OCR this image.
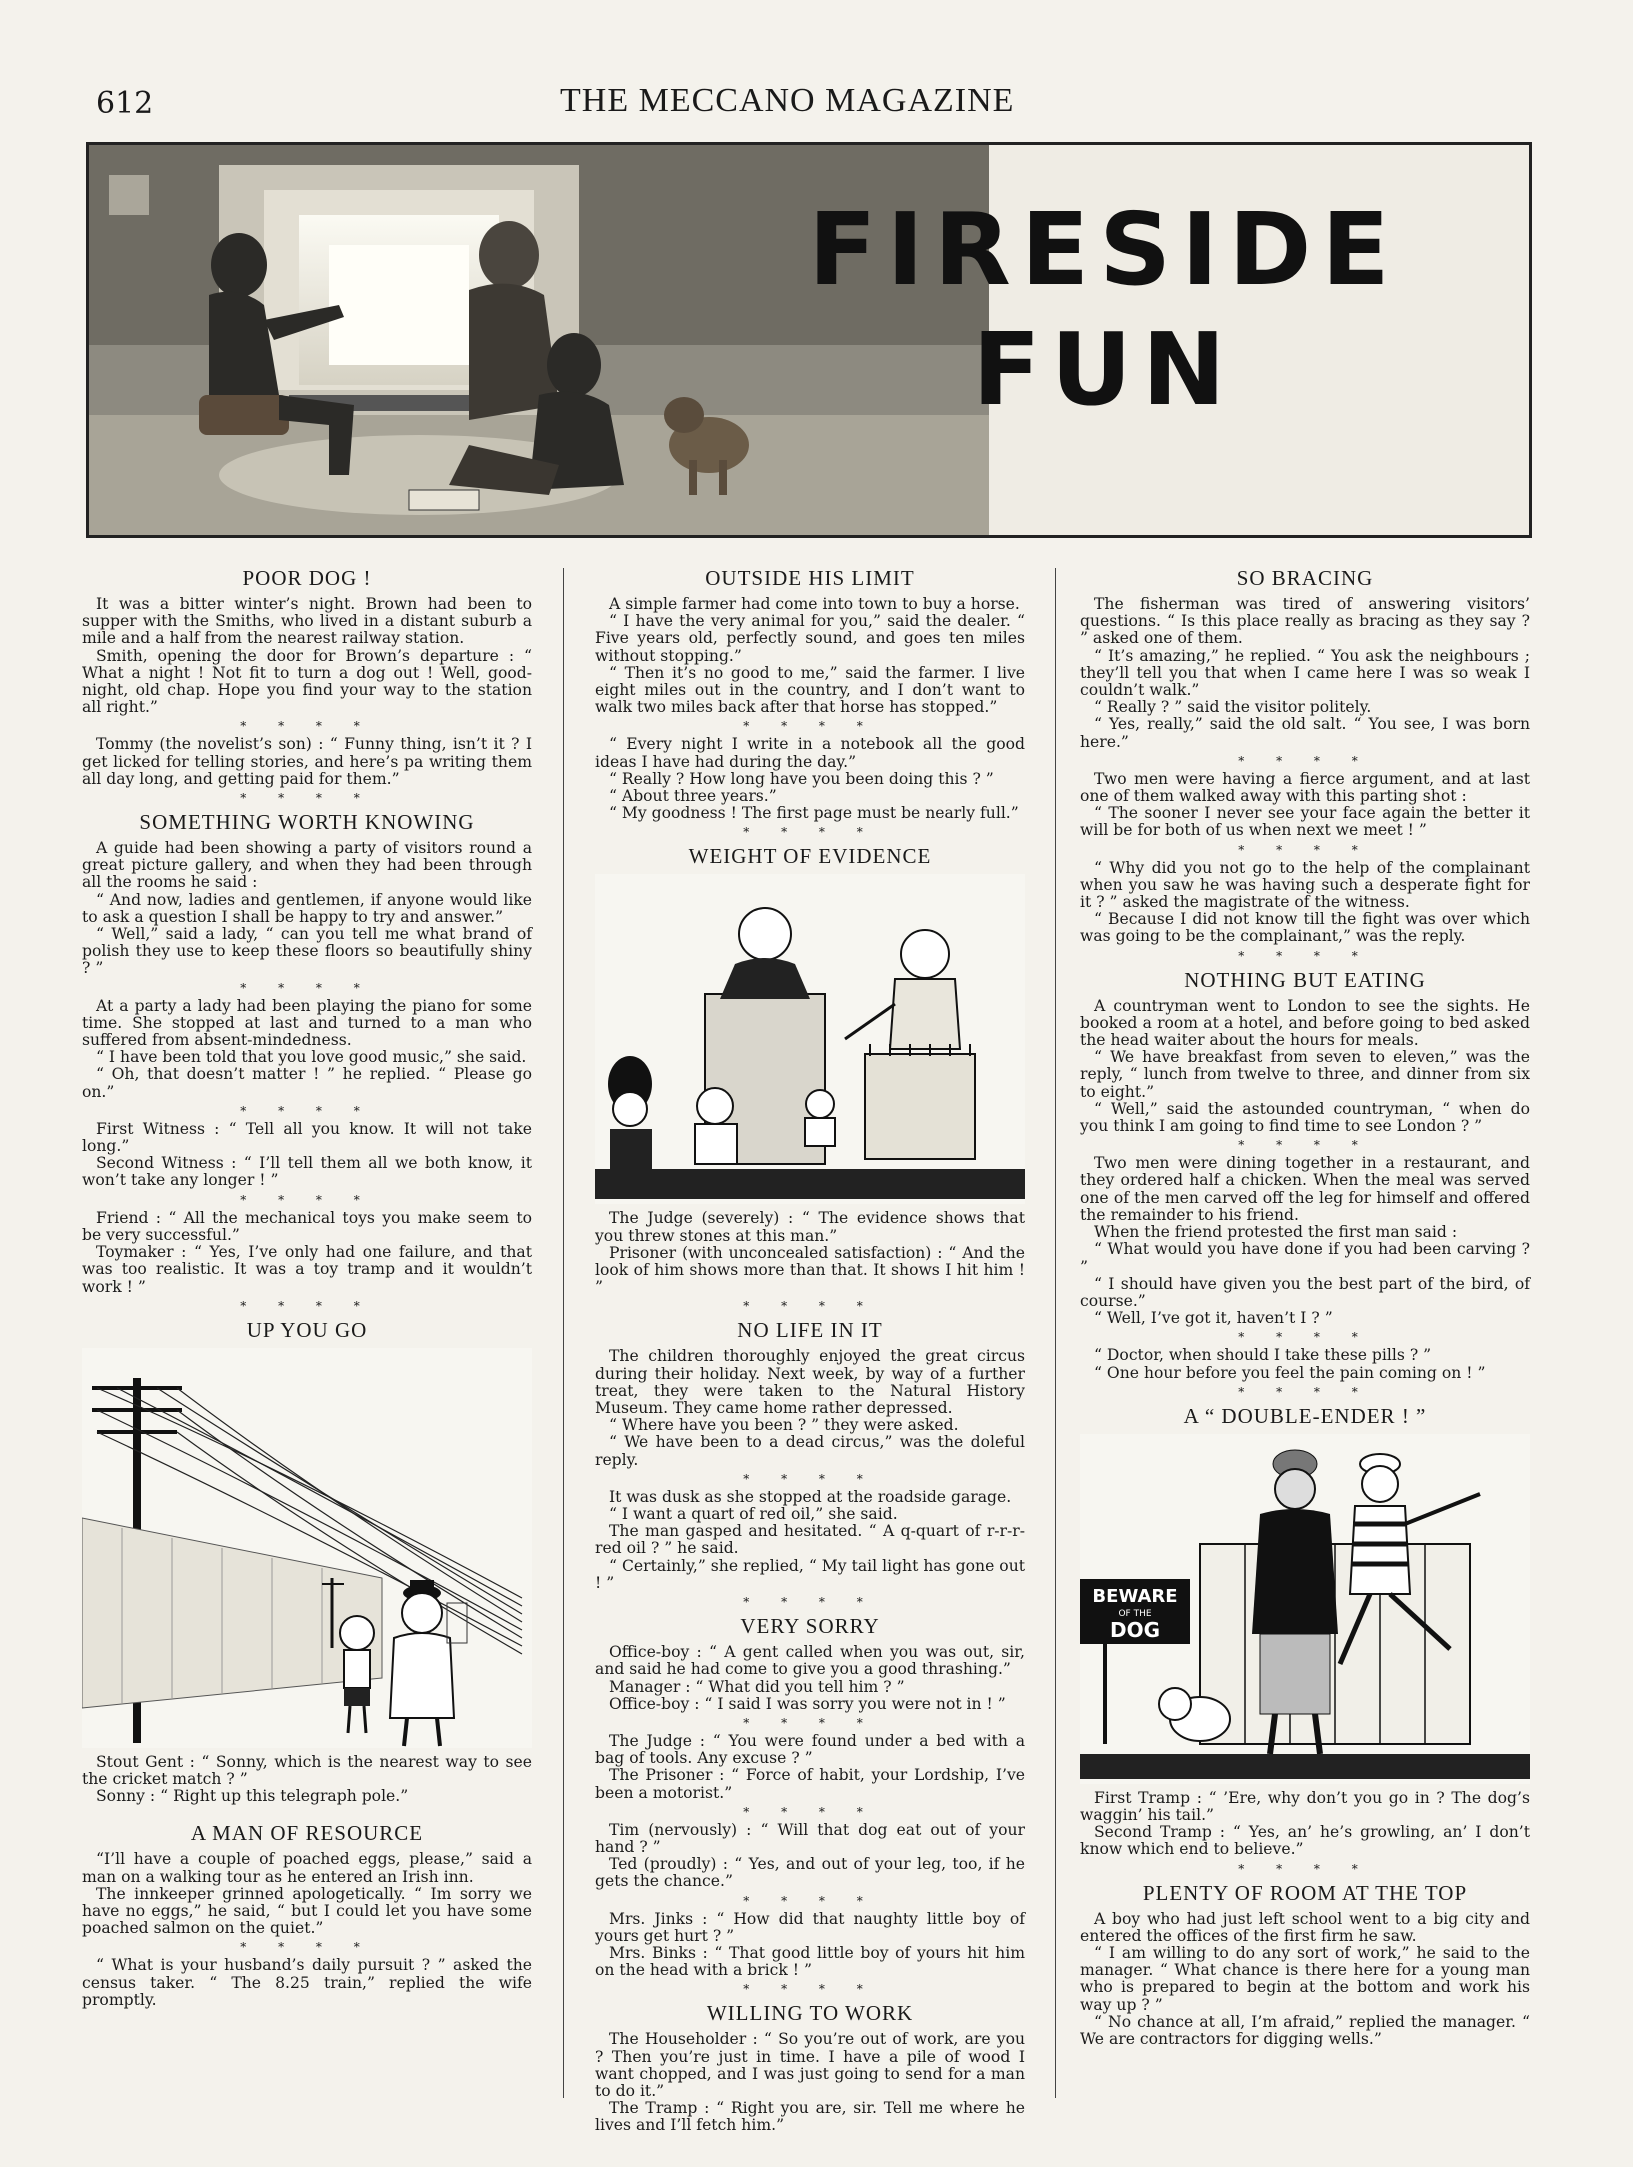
612	THE MECCANO MAGAZINE
FIRESIDE
FUN
POOR DOG !

It was a bitter winter’s night. Brown had been to supper with the Smiths, who lived in a distant suburb a mile and a half from the nearest railway station.

Smith, opening the door for Brown’s departure : “ What a night ! Not fit to turn a dog out ! Well, good-night, old chap. Hope you find your way to the station all right.”

* * * *

Tommy (the novelist’s son) : “ Funny thing, isn’t it ? I get licked for telling stories, and here’s pa writing them all day long, and getting paid for them.”

* * * *
SOMETHING WORTH KNOWING

A guide had been showing a party of visitors round a great picture gallery, and when they had been through all the rooms he said :

“ And now, ladies and gentlemen, if anyone would like to ask a question I shall be happy to try and answer.”

“ Well,” said a lady, “ can you tell me what brand of polish they use to keep these floors so beautifully shiny ? ”

* * * *

At a party a lady had been playing the piano for some time. She stopped at last and turned to a man who suffered from absent-mindedness.

“ I have been told that you love good music,” she said.

“ Oh, that doesn’t matter ! ” he replied. “ Please go on.”

* * * *

First Witness : “ Tell all you know. It will not take long.”

Second Witness : “ I’ll tell them all we both know, it won’t take any longer ! ”

* * * *

Friend : “ All the mechanical toys you make seem to be very successful.”

Toymaker : “ Yes, I’ve only had one failure, and that was too realistic. It was a toy tramp and it wouldn’t work ! ”

* * * *
UP YOU GO

Stout Gent : “ Sonny, which is the nearest way to see the cricket match ? ”

Sonny : “ Right up this telegraph pole.”

A MAN OF RESOURCE

“I’ll have a couple of poached eggs, please,” said a man on a walking tour as he entered an Irish inn.

The innkeeper grinned apologetically. “ Im sorry we have no eggs,” he said, “ but I could let you have some poached salmon on the quiet.”

* * * *

“ What is your husband’s daily pursuit ? ” asked the census taker. “ The 8.25 train,” replied the wife promptly.

OUTSIDE HIS LIMIT

A simple farmer had come into town to buy a horse.

“ I have the very animal for you,” said the dealer. “ Five years old, perfectly sound, and goes ten miles without stopping.”

“ Then it’s no good to me,” said the farmer. I live eight miles out in the country, and I don’t want to walk two miles back after that horse has stopped.”

* * * *

“ Every night I write in a notebook all the good ideas I have had during the day.”

“ Really ? How long have you been doing this ? ”

“ About three years.”

“ My goodness ! The first page must be nearly full.”

* * * *
WEIGHT OF EVIDENCE

The Judge (severely) : “ The evidence shows that you threw stones at this man.”

Prisoner (with unconcealed satisfaction) : “ And the look of him shows more than that. It shows I hit him ! ”

* * * *
NO LIFE IN IT

The children thoroughly enjoyed the great circus during their holiday. Next week, by way of a further treat, they were taken to the Natural History Museum. They came home rather depressed.

“ Where have you been ? ” they were asked.

“ We have been to a dead circus,” was the doleful reply.

* * * *

It was dusk as she stopped at the roadside garage.

“ I want a quart of red oil,” she said.

The man gasped and hesitated. “ A q-quart of r-r-r-red oil ? ” he said.

“ Certainly,” she replied, “ My tail light has gone out ! ”

* * * *
VERY SORRY

Office-boy : “ A gent called when you was out, sir, and said he had come to give you a good thrashing.”

Manager : “ What did you tell him ? ”

Office-boy : “ I said I was sorry you were not in ! ”

* * * *

The Judge : “ You were found under a bed with a bag of tools. Any excuse ? ”

The Prisoner : “ Force of habit, your Lordship, I’ve been a motorist.”

* * * *

Tim (nervously) : “ Will that dog eat out of your hand ? ”

Ted (proudly) : “ Yes, and out of your leg, too, if he gets the chance.”

* * * *

Mrs. Jinks : “ How did that naughty little boy of yours get hurt ? ”

Mrs. Binks : “ That good little boy of yours hit him on the head with a brick ! ”

* * * *
WILLING TO WORK

The Householder : “ So you’re out of work, are you ? Then you’re just in time. I have a pile of wood I want chopped, and I was just going to send for a man to do it.”

The Tramp : “ Right you are, sir. Tell me where he lives and I’ll fetch him.”

SO BRACING

The fisherman was tired of answering visitors’ questions. “ Is this place really as bracing as they say ? ” asked one of them.

“ It’s amazing,” he replied. “ You ask the neighbours ; they’ll tell you that when I came here I was so weak I couldn’t walk.”

“ Really ? ” said the visitor politely.

“ Yes, really,” said the old salt. “ You see, I was born here.”

* * * *

Two men were having a fierce argument, and at last one of them walked away with this parting shot :

“ The sooner I never see your face again the better it will be for both of us when next we meet ! ”

* * * *

“ Why did you not go to the help of the complainant when you saw he was having such a desperate fight for it ? ” asked the magistrate of the witness.

“ Because I did not know till the fight was over which was going to be the complainant,” was the reply.

* * * *
NOTHING BUT EATING

A countryman went to London to see the sights. He booked a room at a hotel, and before going to bed asked the head waiter about the hours for meals.

“ We have breakfast from seven to eleven,” was the reply, “ lunch from twelve to three, and dinner from six to eight.”

“ Well,” said the astounded countryman, “ when do you think I am going to find time to see London ? ”

* * * *

Two men were dining together in a restaurant, and they ordered half a chicken. When the meal was served one of the men carved off the leg for himself and offered the remainder to his friend.

When the friend protested the first man said :

“ What would you have done if you had been carving ? ”

“ I should have given you the best part of the bird, of course.”

“ Well, I’ve got it, haven’t I ? ”

* * * *

“ Doctor, when should I take these pills ? ”

“ One hour before you feel the pain coming on ! ”

* * * *
A “ DOUBLE-ENDER ! ”
BEWARE
OF THE
DOG

First Tramp : “ ’Ere, why don’t you go in ? The dog’s waggin’ his tail.”

Second Tramp : “ Yes, an’ he’s growling, an’ I don’t know which end to believe.”

* * * *
PLENTY OF ROOM AT THE TOP

A boy who had just left school went to a big city and entered the offices of the first firm he saw.

“ I am willing to do any sort of work,” he said to the manager. “ What chance is there here for a young man who is prepared to begin at the bottom and work his way up ? ”

“ No chance at all, I’m afraid,” replied the manager. “ We are contractors for digging wells.”
